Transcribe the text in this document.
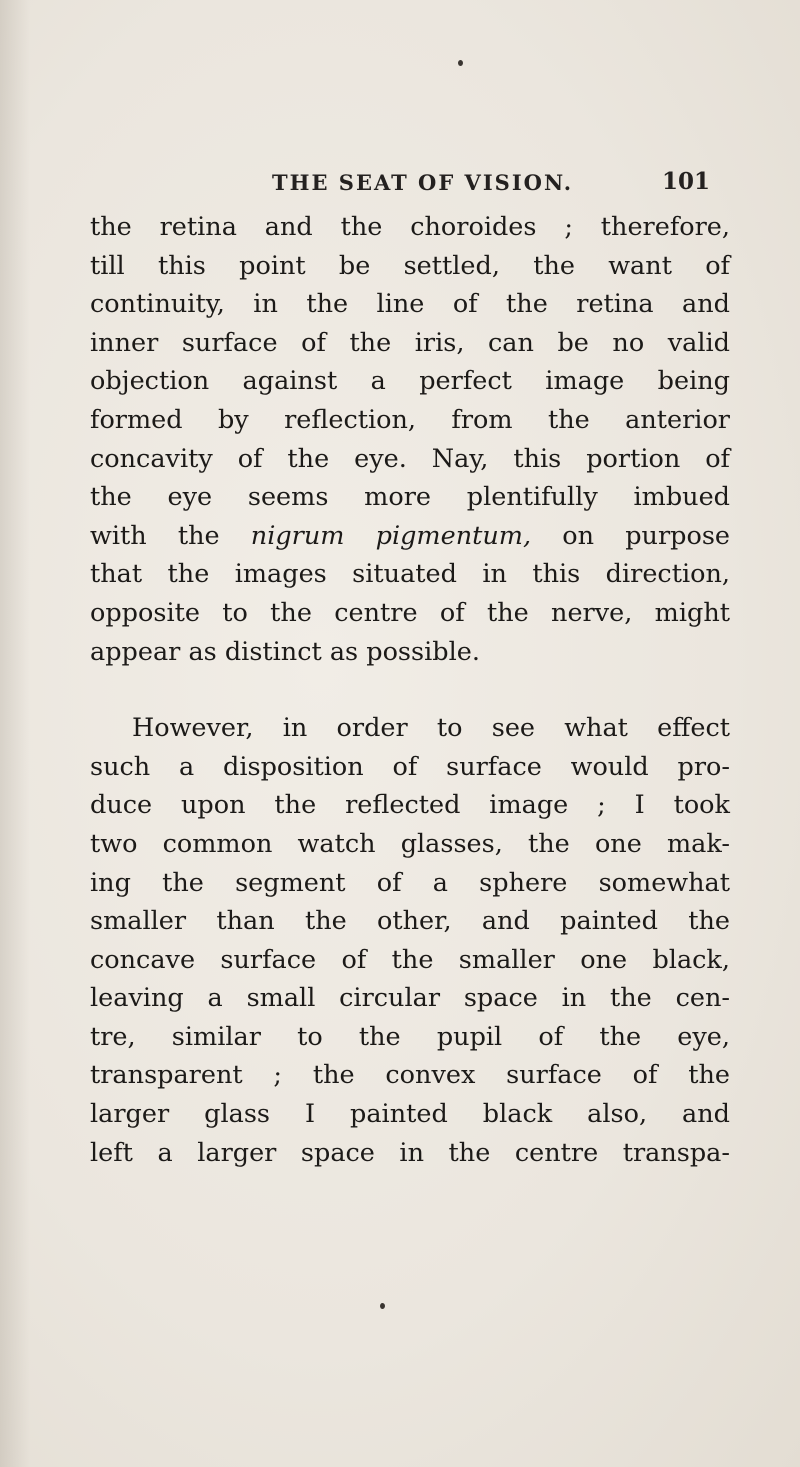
THE SEAT OF VISION.	101
the retina and the choroides ; therefore,
till this point be settled, the want of
continuity, in the line of the retina and
inner surface of the iris, can be no valid
objection against a perfect image being
formed by reflection, from the anterior
concavity of the eye. Nay, this portion of
the eye seems more plentifully imbued
with the nigrum pigmentum, on purpose
that the images situated in this direction,
opposite to the centre of the nerve, might
appear as distinct as possible.
However, in order to see what effect
such a disposition of surface would pro-
duce upon the reflected image ; I took
two common watch glasses, the one mak-
ing the segment of a sphere somewhat
smaller than the other, and painted the
concave surface of the smaller one black,
leaving a small circular space in the cen-
tre, similar to the pupil of the eye,
transparent ; the convex surface of the
larger glass I painted black also, and
left a larger space in the centre transpa-
